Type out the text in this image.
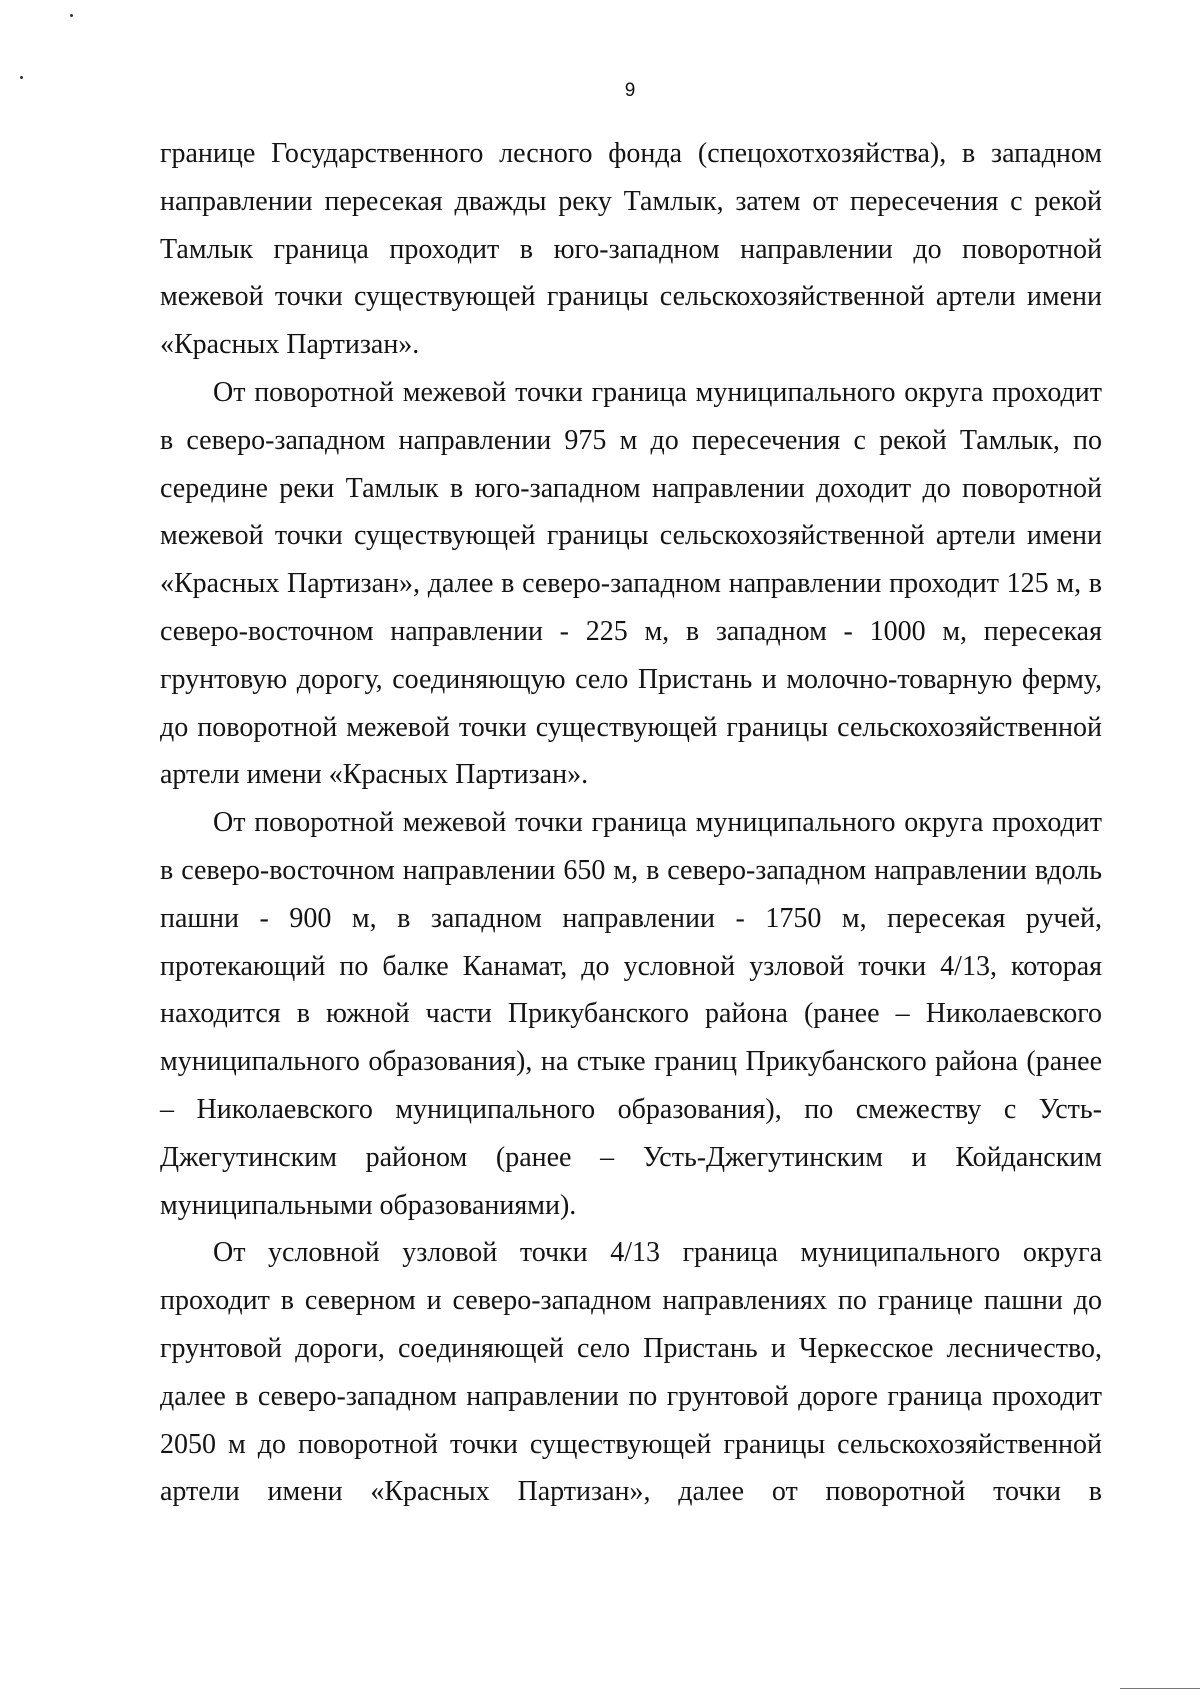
9

границе Государственного лесного фонда (спецохотхозяйства), в западном направлении пересекая дважды реку Тамлык, затем от пересечения с рекой Тамлык граница проходит в юго-западном направлении до поворотной межевой точки существующей границы сельскохозяйственной артели имени «Красных Партизан».

От поворотной межевой точки граница муниципального округа проходит в северо-западном направлении 975 м до пересечения с рекой Тамлык, по середине реки Тамлык в юго-западном направлении доходит до поворотной межевой точки существующей границы сельскохозяйственной артели имени «Красных Партизан», далее в северо-западном направлении проходит 125 м, в северо-восточном направлении - 225 м, в западном - 1000 м, пересекая грунтовую дорогу, соединяющую село Пристань и молочно-товарную ферму, до поворотной межевой точки существующей границы сельскохозяйственной артели имени «Красных Партизан».

От поворотной межевой точки граница муниципального округа проходит в северо-восточном направлении 650 м, в северо-западном направлении вдоль пашни - 900 м, в западном направлении - 1750 м, пересекая ручей, протекающий по балке Канамат, до условной узловой точки 4/13, которая находится в южной части Прикубанского района (ранее – Николаевского муниципального образования), на стыке границ Прикубанского района (ранее – Николаевского муниципального образования), по смежеству с Усть-Джегутинским районом (ранее – Усть-Джегутинским и Койданским муниципальными образованиями).

От условной узловой точки 4/13 граница муниципального округа проходит в северном и северо-западном направлениях по границе пашни до грунтовой дороги, соединяющей село Пристань и Черкесское лесничество, далее в северо-западном направлении по грунтовой дороге граница проходит 2050 м до поворотной точки существующей границы сельскохозяйственной артели имени «Красных Партизан», далее от поворотной точки в
